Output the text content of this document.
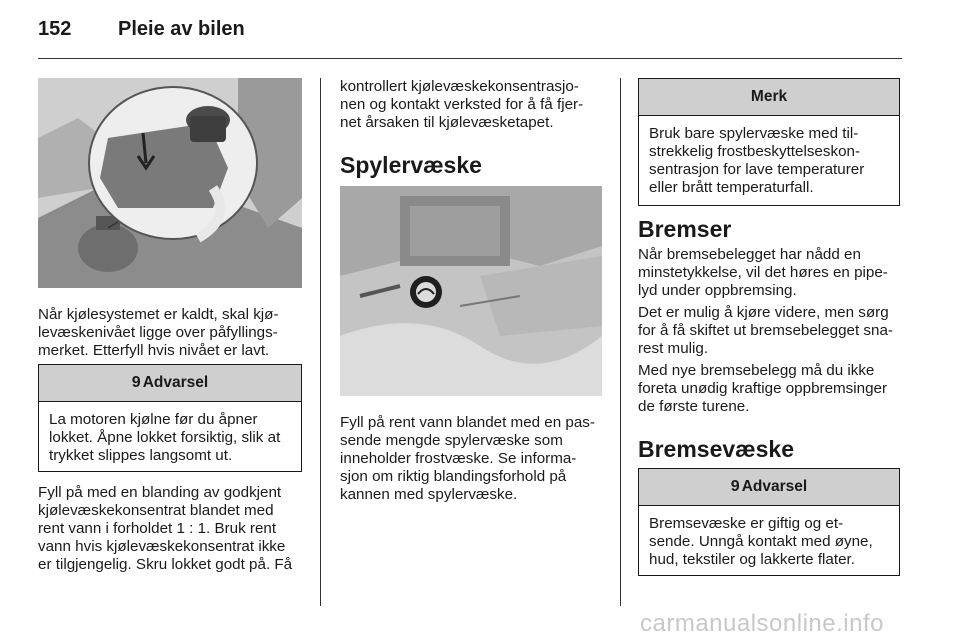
152 Pleie av bilen

Når kjølesystemet er kaldt, skal kjø-
levæskenivået ligge over påfyllings-
merket. Etterfyll hvis nivået er lavt.

9 Advarsel
La motoren kjølne før du åpner
lokket. Åpne lokket forsiktig, slik at
trykket slippes langsomt ut.

Fyll på med en blanding av godkjent
kjølevæskekonsentrat blandet med
rent vann i forholdet 1 : 1. Bruk rent
vann hvis kjølevæskekonsentrat ikke
er tilgjengelig. Skru lokket godt på. Få

kontrollert kjølevæskekonsentrasjo-
nen og kontakt verksted for å få fjer-
net årsaken til kjølevæsketapet.

Spylervæske

Fyll på rent vann blandet med en pas-
sende mengde spylervæske som
inneholder frostvæske. Se informa-
sjon om riktig blandingsforhold på
kannen med spylervæske.

Merk
Bruk bare spylervæske med til-
strekkelig frostbeskyttelseskon-
sentrasjon for lave temperaturer
eller brått temperaturfall.
Bremser

Når bremsebelegget har nådd en
minstetykkelse, vil det høres en pipe-
lyd under oppbremsing.

Det er mulig å kjøre videre, men sørg
for å få skiftet ut bremsebelegget sna-
rest mulig.

Med nye bremsebelegg må du ikke
foreta unødig kraftige oppbremsinger
de første turene.

Bremsevæske
9 Advarsel
Bremsevæske er giftig og et-
sende. Unngå kontakt med øyne,
hud, tekstiler og lakkerte flater.
carmanualsonline.info
